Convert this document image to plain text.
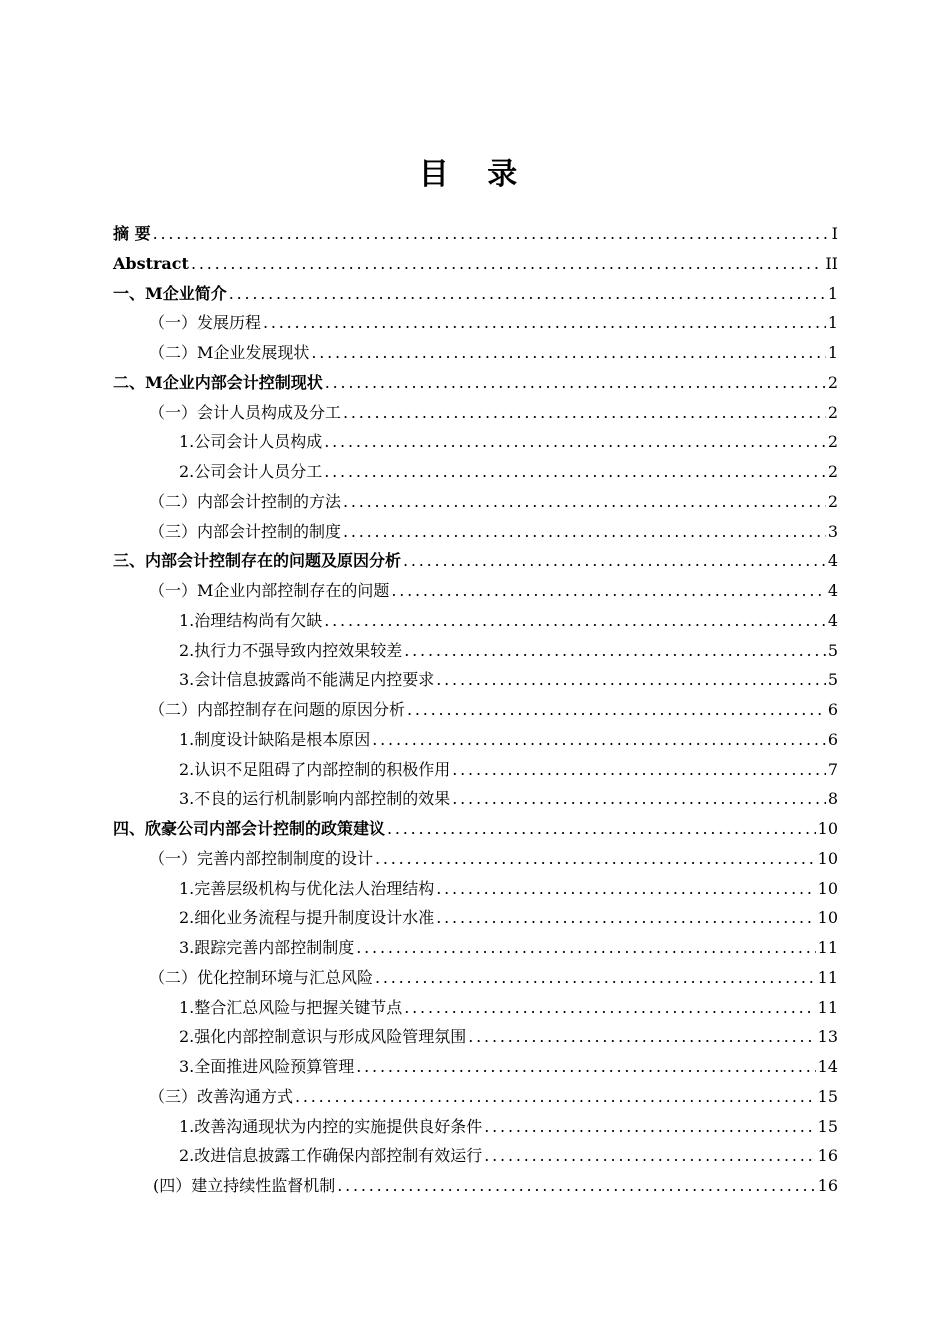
目 录
摘 要 .....	I
Abstract .....	II
一、M企业简介 .....	1
（一）发展历程 .....	1
（二）M企业发展现状 .....	1
二、M企业内部会计控制现状 .....	2
（一）会计人员构成及分工 .....	2
1.公司会计人员构成 .....	2
2.公司会计人员分工 .....	2
（二）内部会计控制的方法 .....	2
（三）内部会计控制的制度 .....	3
三、内部会计控制存在的问题及原因分析 .....	4
（一）M企业内部控制存在的问题 .....	4
1.治理结构尚有欠缺 .....	4
2.执行力不强导致内控效果较差 .....	5
3.会计信息披露尚不能满足内控要求 .....	5
（二）内部控制存在问题的原因分析 .....	6
1.制度设计缺陷是根本原因 .....	6
2.认识不足阻碍了内部控制的积极作用 .....	7
3.不良的运行机制影响内部控制的效果 .....	8
四、欣豪公司内部会计控制的政策建议 .....	10
（一）完善内部控制制度的设计 .....	10
1.完善层级机构与优化法人治理结构 .....	10
2.细化业务流程与提升制度设计水准 .....	10
3.跟踪完善内部控制制度 .....	11
（二）优化控制环境与汇总风险 .....	11
1.整合汇总风险与把握关键节点 .....	11
2.强化内部控制意识与形成风险管理氛围 .....	13
3.全面推进风险预算管理 .....	14
（三）改善沟通方式 .....	15
1.改善沟通现状为内控的实施提供良好条件 .....	15
2.改进信息披露工作确保内部控制有效运行 .....	16
(四）建立持续性监督机制 .....	16
